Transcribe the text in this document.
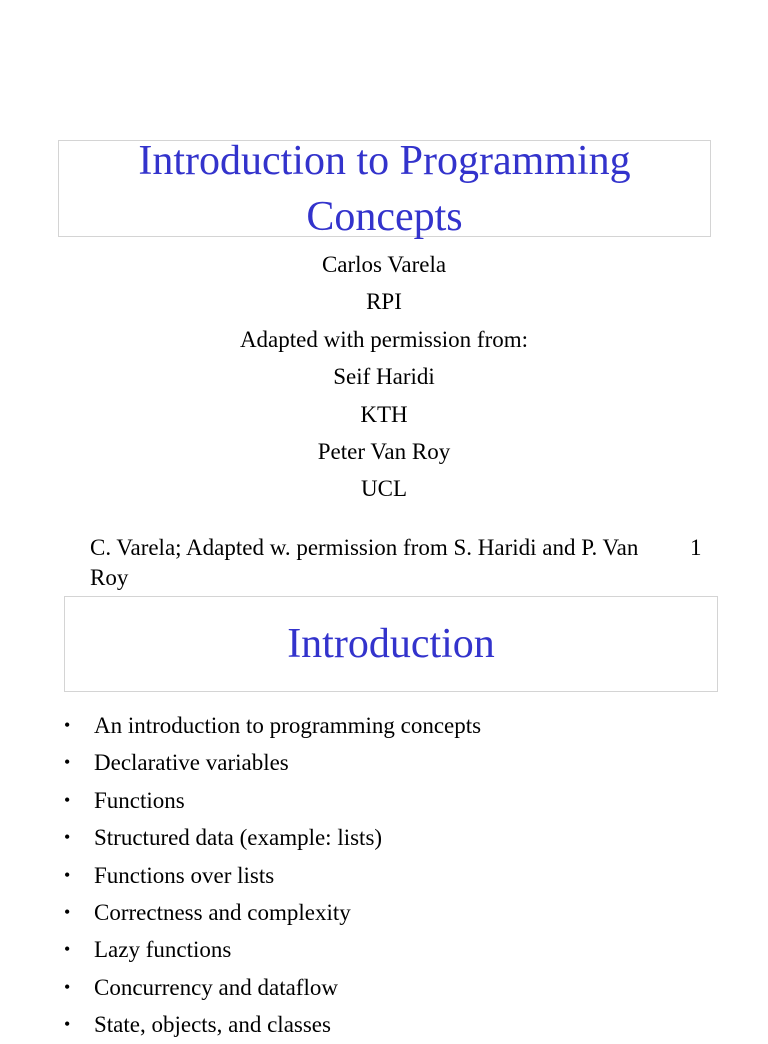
Introduction to Programming Concepts
Carlos Varela
RPI
Adapted with permission from:
Seif Haridi
KTH
Peter Van Roy
UCL
C. Varela; Adapted w. permission from S. Haridi and P. Van Roy
1
Introduction
• An introduction to programming concepts
• Declarative variables
• Functions
• Structured data (example: lists)
• Functions over lists
• Correctness and complexity
• Lazy functions
• Concurrency and dataflow
• State, objects, and classes
